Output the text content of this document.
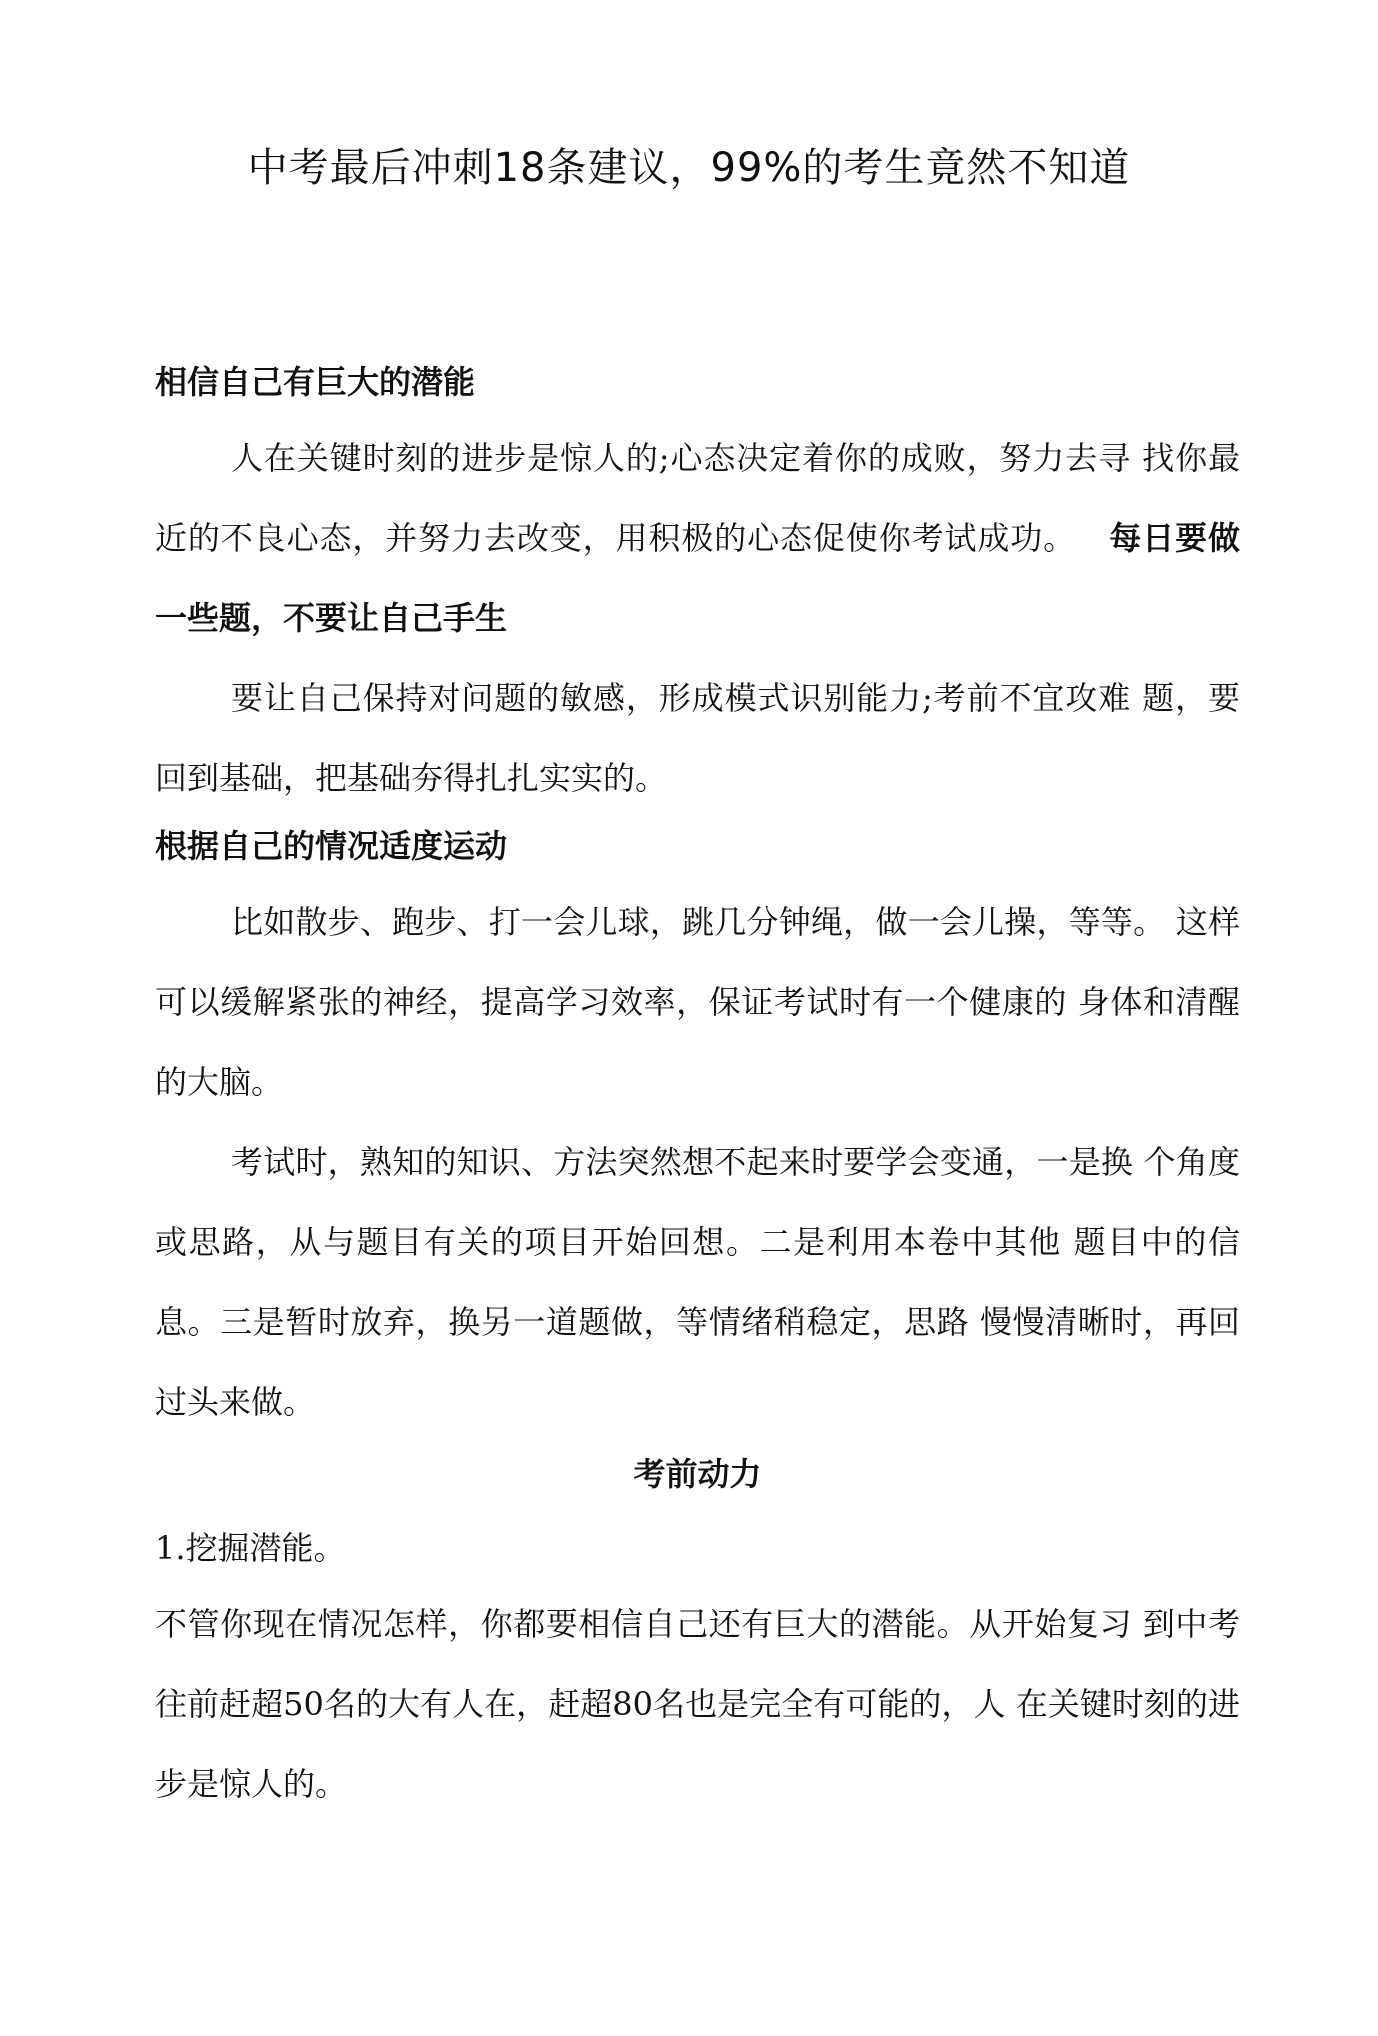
中考最后冲刺18条建议，99%的考生竟然不知道

相信自己有巨大的潜能

人在关键时刻的进步是惊人的;心态决定着你的成败，努力去寻 找你最近的不良心态，并努力去改变，用积极的心态促使你考试成功。 每日要做一些题，不要让自己手生

要让自己保持对问题的敏感，形成模式识别能力;考前不宜攻难 题，要回到基础，把基础夯得扎扎实实的。

根据自己的情况适度运动

比如散步、跑步、打一会儿球，跳几分钟绳，做一会儿操，等等。 这样可以缓解紧张的神经，提高学习效率，保证考试时有一个健康的 身体和清醒的大脑。

考试时，熟知的知识、方法突然想不起来时要学会变通，一是换 个角度或思路，从与题目有关的项目开始回想。二是利用本卷中其他 题目中的信息。三是暂时放弃，换另一道题做，等情绪稍稳定，思路 慢慢清晰时，再回过头来做。

考前动力

1.挖掘潜能。

不管你现在情况怎样，你都要相信自己还有巨大的潜能。从开始复习 到中考往前赶超50名的大有人在，赶超80名也是完全有可能的，人 在关键时刻的进步是惊人的。
